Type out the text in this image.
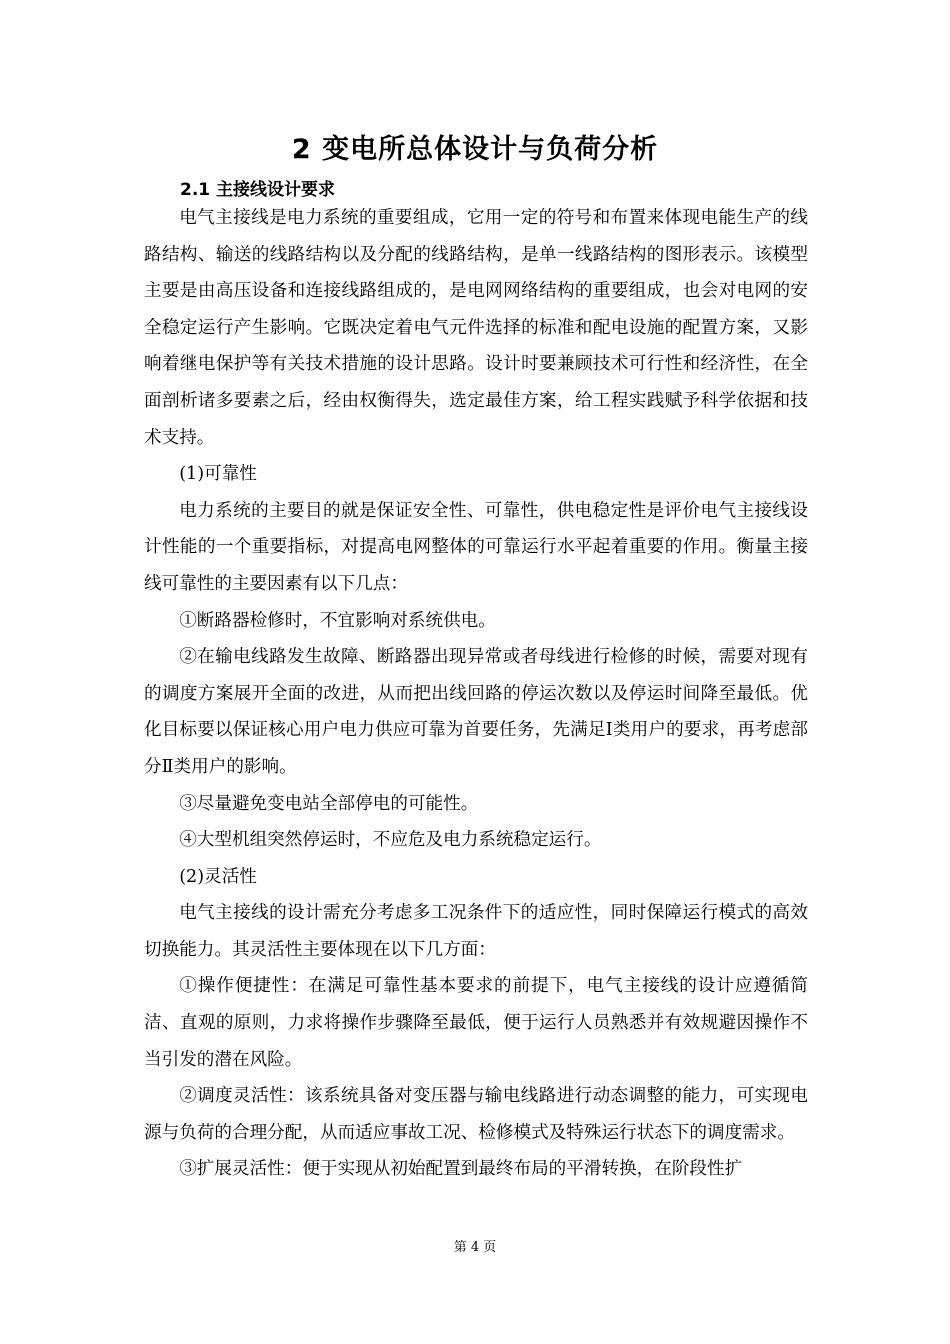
2 变电所总体设计与负荷分析
2.1 主接线设计要求

电气主接线是电力系统的重要组成，它用一定的符号和布置来体现电能生产的线路结构、输送的线路结构以及分配的线路结构，是单一线路结构的图形表示。该模型主要是由高压设备和连接线路组成的，是电网网络结构的重要组成，也会对电网的安全稳定运行产生影响。它既决定着电气元件选择的标准和配电设施的配置方案，又影响着继电保护等有关技术措施的设计思路。设计时要兼顾技术可行性和经济性，在全面剖析诸多要素之后，经由权衡得失，选定最佳方案，给工程实践赋予科学依据和技术支持。

(1)可靠性

电力系统的主要目的就是保证安全性、可靠性，供电稳定性是评价电气主接线设计性能的一个重要指标，对提高电网整体的可靠运行水平起着重要的作用。衡量主接线可靠性的主要因素有以下几点：

①断路器检修时，不宜影响对系统供电。

②在输电线路发生故障、断路器出现异常或者母线进行检修的时候，需要对现有的调度方案展开全面的改进，从而把出线回路的停运次数以及停运时间降至最低。优化目标要以保证核心用户电力供应可靠为首要任务，先满足Ⅰ类用户的要求，再考虑部分Ⅱ类用户的影响。

③尽量避免变电站全部停电的可能性。

④大型机组突然停运时，不应危及电力系统稳定运行。

(2)灵活性

电气主接线的设计需充分考虑多工况条件下的适应性，同时保障运行模式的高效切换能力。其灵活性主要体现在以下几方面：

①操作便捷性：在满足可靠性基本要求的前提下，电气主接线的设计应遵循简洁、直观的原则，力求将操作步骤降至最低，便于运行人员熟悉并有效规避因操作不当引发的潜在风险。

②调度灵活性：该系统具备对变压器与输电线路进行动态调整的能力，可实现电源与负荷的合理分配，从而适应事故工况、检修模式及特殊运行状态下的调度需求。

③扩展灵活性：便于实现从初始配置到最终布局的平滑转换，在阶段性扩

第 4 页
